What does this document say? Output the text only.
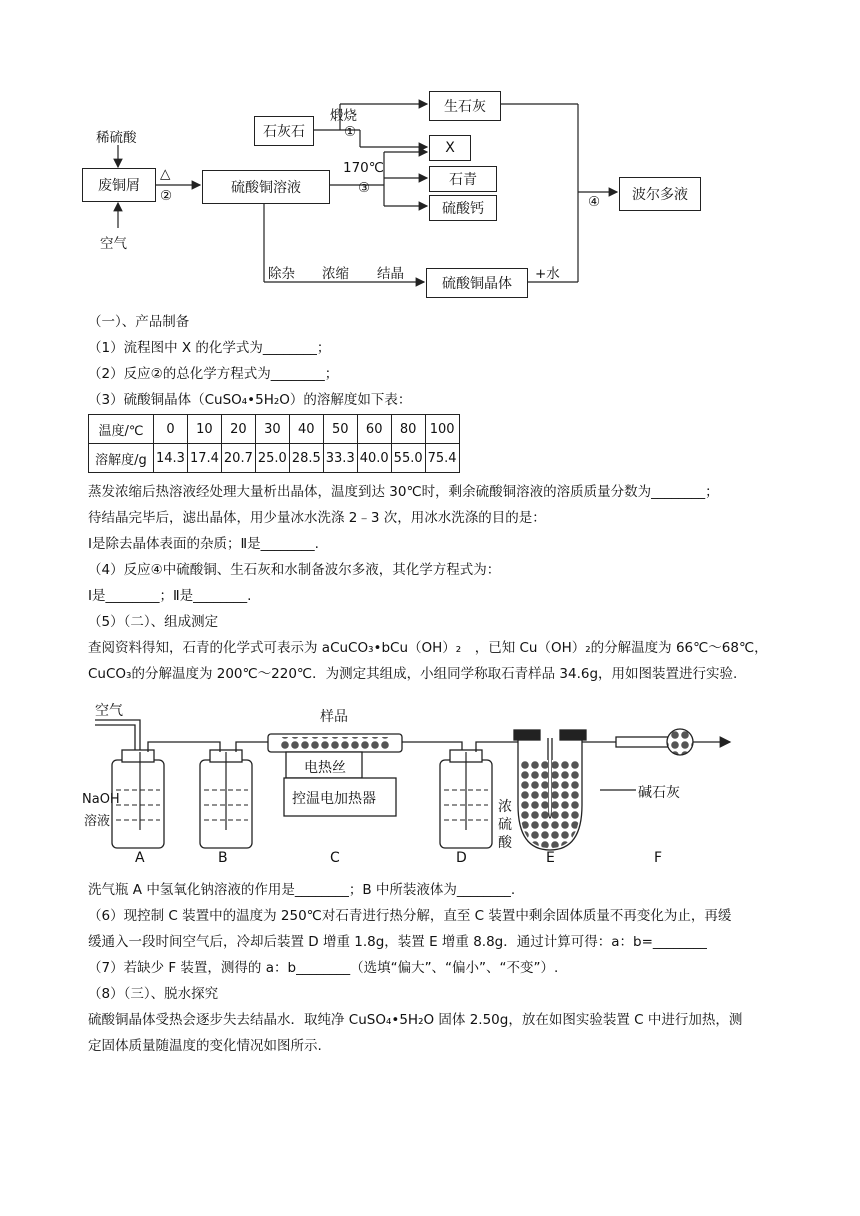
稀硫酸
空气
废铜屑
△
②	硫酸铜溶液
石灰石
煅烧
①
生石灰
X
170℃
③	石青
硫酸钙	④	波尔多液
除杂 浓缩 结晶
硫酸铜晶体
+水
（一）、产品制备
（1）流程图中 X 的化学式为________；
（2）反应②的总化学方程式为________；
（3）硫酸铜晶体（CuSO₄•5H₂O）的溶解度如下表：
温度/℃	0	10	20	30	40	50	60	80	100
溶解度/g	14.3	17.4	20.7	25.0	28.5	33.3	40.0	55.0	75.4
蒸发浓缩后热溶液经处理大量析出晶体，温度到达 30℃时，剩余硫酸铜溶液的溶质质量分数为________；
待结晶完毕后，滤出晶体，用少量冰水洗涤 2﹣3 次，用冰水洗涤的目的是：
Ⅰ是除去晶体表面的杂质；Ⅱ是________.
（4）反应④中硫酸铜、生石灰和水制备波尔多液，其化学方程式为：
Ⅰ是________；Ⅱ是________.
（5）（二）、组成测定
查阅资料得知，石青的化学式可表示为 aCuCO₃•bCu（OH）₂　，已知 Cu（OH）₂的分解温度为 66℃～68℃，
CuCO₃的分解温度为 200℃～220℃．为测定其组成，小组同学称取石青样品 34.6g，用如图装置进行实验.
空气	样品
电热丝
控温电加热器
NaOH
溶液
浓
硫
酸
碱石灰
A	B	C	D	E	F
洗气瓶 A 中氢氧化钠溶液的作用是________；B 中所装液体为________.
（6）现控制 C 装置中的温度为 250℃对石青进行热分解，直至 C 装置中剩余固体质量不再变化为止，再缓
缓通入一段时间空气后，冷却后装置 D 增重 1.8g，装置 E 增重 8.8g．通过计算可得：a：b=________
（7）若缺少 F 装置，测得的 a：b________（选填“偏大”、“偏小”、“不变”）.
（8）（三）、脱水探究
硫酸铜晶体受热会逐步失去结晶水．取纯净 CuSO₄•5H₂O 固体 2.50g，放在如图实验装置 C 中进行加热，测
定固体质量随温度的变化情况如图所示.
